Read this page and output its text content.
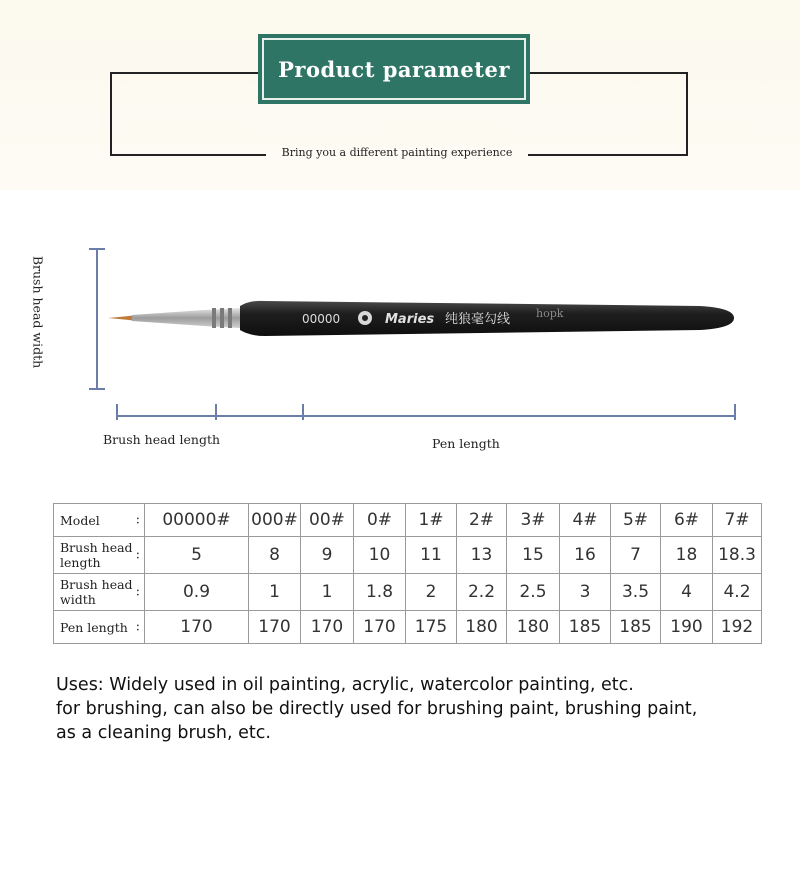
Product parameter
Bring you a different painting experience
Brush head width	00000	Maries 纯狼毫勾线 hopk
Brush head length	Pen length
Model :	00000#	000#	00#	0#	1#	2#	3#	4#	5#	6#	7#
Brush head length :	5	8	9	10	11	13	15	16	7	18	18.3
Brush head width :	0.9	1	1	1.8	2	2.2	2.5	3	3.5	4	4.2
Pen length :	170	170	170	170	175	180	180	185	185	190	192
Uses: Widely used in oil painting, acrylic, watercolor painting, etc.
for brushing, can also be directly used for brushing paint, brushing paint,
as a cleaning brush, etc.
